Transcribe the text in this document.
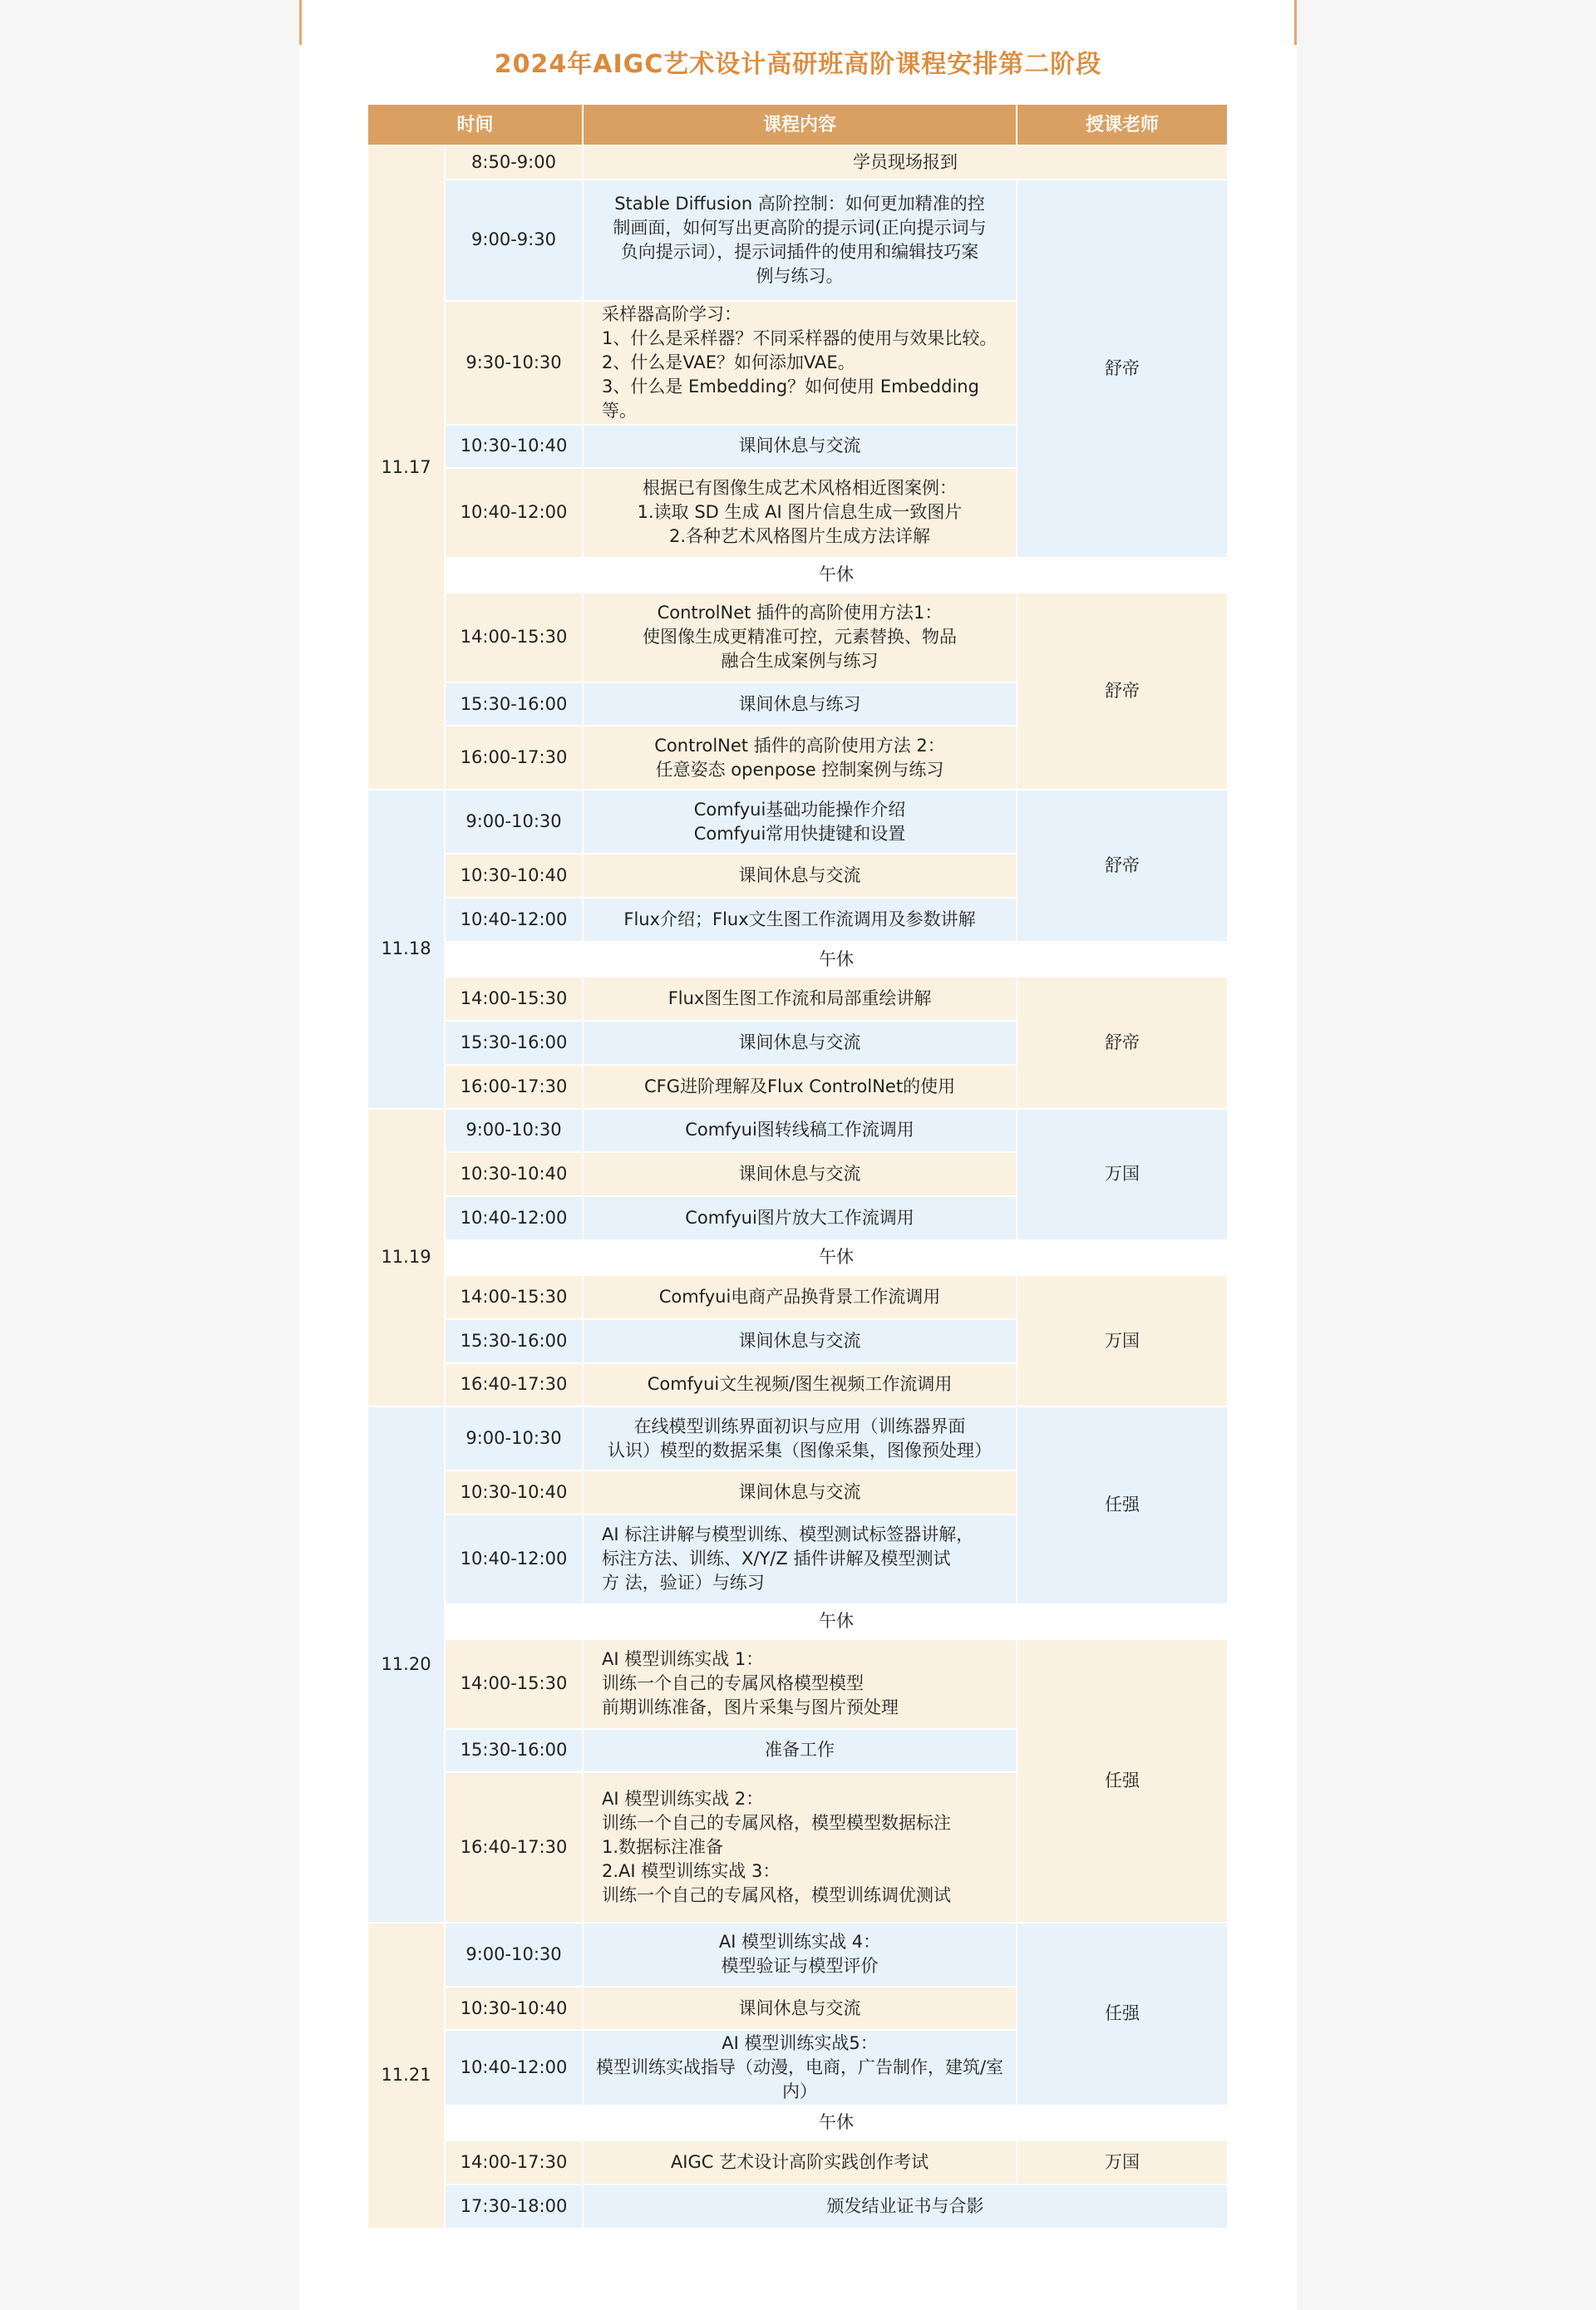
2024年AIGC艺术设计高研班高阶课程安排第二阶段
时间		课程内容	授课老师
11.17	8:50-9:00	学员现场报到	

	9:00-9:30	Stable Diffusion 高阶控制：如何更加精准的控
制画面，如何写出更高阶的提示词(正向提示词与
负向提示词），提示词插件的使用和编辑技巧案
例与练习。	舒帝
	9:30-10:30	采样器高阶学习：
1、什么是采样器？不同采样器的使用与效果比较。
2、什么是VAE？如何添加VAE。
3、什么是 Embedding？如何使用 Embedding等。	

	10:30-10:40	课间休息与交流	

	10:40-12:00	根据已有图像生成艺术风格相近图案例：
1.读取 SD 生成 AI 图片信息生成一致图片
2.各种艺术风格图片生成方法详解	

	午休		
	14:00-15:30	ControlNet 插件的高阶使用方法1：
使图像生成更精准可控，元素替换、物品
融合生成案例与练习	舒帝
	15:30-16:00	课间休息与练习	

	16:00-17:30	ControlNet 插件的高阶使用方法 2：
任意姿态 openpose 控制案例与练习	

11.18	9:00-10:30	Comfyui基础功能操作介绍
Comfyui常用快捷键和设置	舒帝
	10:30-10:40	课间休息与交流	

	10:40-12:00	Flux介绍；Flux文生图工作流调用及参数讲解	

	午休		
	14:00-15:30	Flux图生图工作流和局部重绘讲解	舒帝
	15:30-16:00	课间休息与交流	

	16:00-17:30	CFG进阶理解及Flux ControlNet的使用	

11.19	9:00-10:30	Comfyui图转线稿工作流调用	万国
	10:30-10:40	课间休息与交流	

	10:40-12:00	Comfyui图片放大工作流调用	

	午休		
	14:00-15:30	Comfyui电商产品换背景工作流调用	万国
	15:30-16:00	课间休息与交流	

	16:40-17:30	Comfyui文生视频/图生视频工作流调用	

11.20	9:00-10:30	在线模型训练界面初识与应用（训练器界面
认识）模型的数据采集（图像采集，图像预处理）	任强
	10:30-10:40	课间休息与交流	

	10:40-12:00	AI 标注讲解与模型训练、模型测试标签器讲解，
标注方法、训练、X/Y/Z 插件讲解及模型测试
方 法，验证）与练习	

	午休		
	14:00-15:30	AI 模型训练实战 1：
训练一个自己的专属风格模型模型
前期训练准备，图片采集与图片预处理	任强
	15:30-16:00	准备工作	

	16:40-17:30	AI 模型训练实战 2：
训练一个自己的专属风格，模型模型数据标注
1.数据标注准备
2.AI 模型训练实战 3：
训练一个自己的专属风格，模型训练调优测试	

11.21	9:00-10:30	AI 模型训练实战 4：
模型验证与模型评价	任强
	10:30-10:40	课间休息与交流	

	10:40-12:00	AI 模型训练实战5：
模型训练实战指导（动漫，电商，广告制作，建筑/室内）	

	午休		
	14:00-17:30	AIGC 艺术设计高阶实践创作考试	万国
	17:30-18:00	颁发结业证书与合影	
